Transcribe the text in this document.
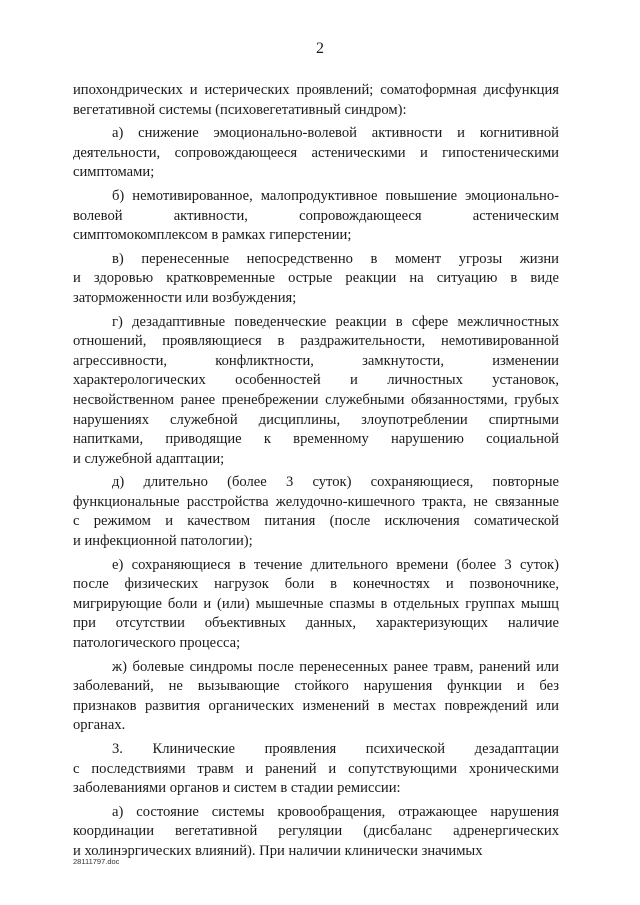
2
ипохондрических и истерических проявлений; соматоформная дисфункция
вегетативной системы (психовегетативный синдром):
а) снижение эмоционально-волевой активности и когнитивной
деятельности, сопровождающееся астеническими и гипостеническими
симптомами;
б) немотивированное, малопродуктивное повышение эмоционально-
волевой активности, сопровождающееся астеническим
симптомокомплексом в рамках гиперстении;
в) перенесенные непосредственно в момент угрозы жизни
и здоровью кратковременные острые реакции на ситуацию в виде
заторможенности или возбуждения;
г) дезадаптивные поведенческие реакции в сфере межличностных
отношений, проявляющиеся в раздражительности, немотивированной
агрессивности, конфликтности, замкнутости, изменении
характерологических особенностей и личностных установок,
несвойственном ранее пренебрежении служебными обязанностями, грубых
нарушениях служебной дисциплины, злоупотреблении спиртными
напитками, приводящие к временному нарушению социальной
и служебной адаптации;
д) длительно (более 3 суток) сохраняющиеся, повторные
функциональные расстройства желудочно-кишечного тракта, не связанные
с режимом и качеством питания (после исключения соматической
и инфекционной патологии);
е) сохраняющиеся в течение длительного времени (более 3 суток)
после физических нагрузок боли в конечностях и позвоночнике,
мигрирующие боли и (или) мышечные спазмы в отдельных группах мышц
при отсутствии объективных данных, характеризующих наличие
патологического процесса;
ж) болевые синдромы после перенесенных ранее травм, ранений или
заболеваний, не вызывающие стойкого нарушения функции и без
признаков развития органических изменений в местах повреждений или
органах.
3. Клинические проявления психической дезадаптации
с последствиями травм и ранений и сопутствующими хроническими
заболеваниями органов и систем в стадии ремиссии:
а) состояние системы кровообращения, отражающее нарушения
координации вегетативной регуляции (дисбаланс адренергических
и холинэргических влияний). При наличии клинически значимых
28111797.doc
